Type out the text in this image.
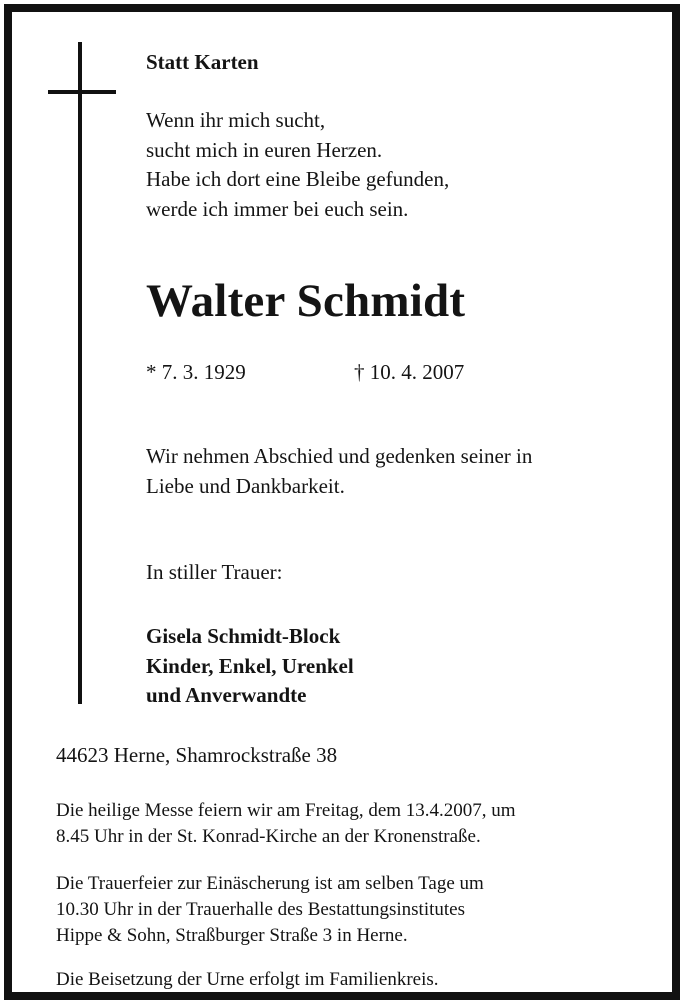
Statt Karten
Wenn ihr mich sucht,
sucht mich in euren Herzen.
Habe ich dort eine Bleibe gefunden,
werde ich immer bei euch sein.
Walter Schmidt
* 7. 3. 1929	† 10. 4. 2007
Wir nehmen Abschied und gedenken seiner in
Liebe und Dankbarkeit.
In stiller Trauer:
Gisela Schmidt-Block
Kinder, Enkel, Urenkel
und Anverwandte
44623 Herne, Shamrockstraße 38
Die heilige Messe feiern wir am Freitag, dem 13.4.2007, um
8.45 Uhr in der St. Konrad-Kirche an der Kronenstraße.
Die Trauerfeier zur Einäscherung ist am selben Tage um
10.30 Uhr in der Trauerhalle des Bestattungsinstitutes
Hippe & Sohn, Straßburger Straße 3 in Herne.
Die Beisetzung der Urne erfolgt im Familienkreis.
